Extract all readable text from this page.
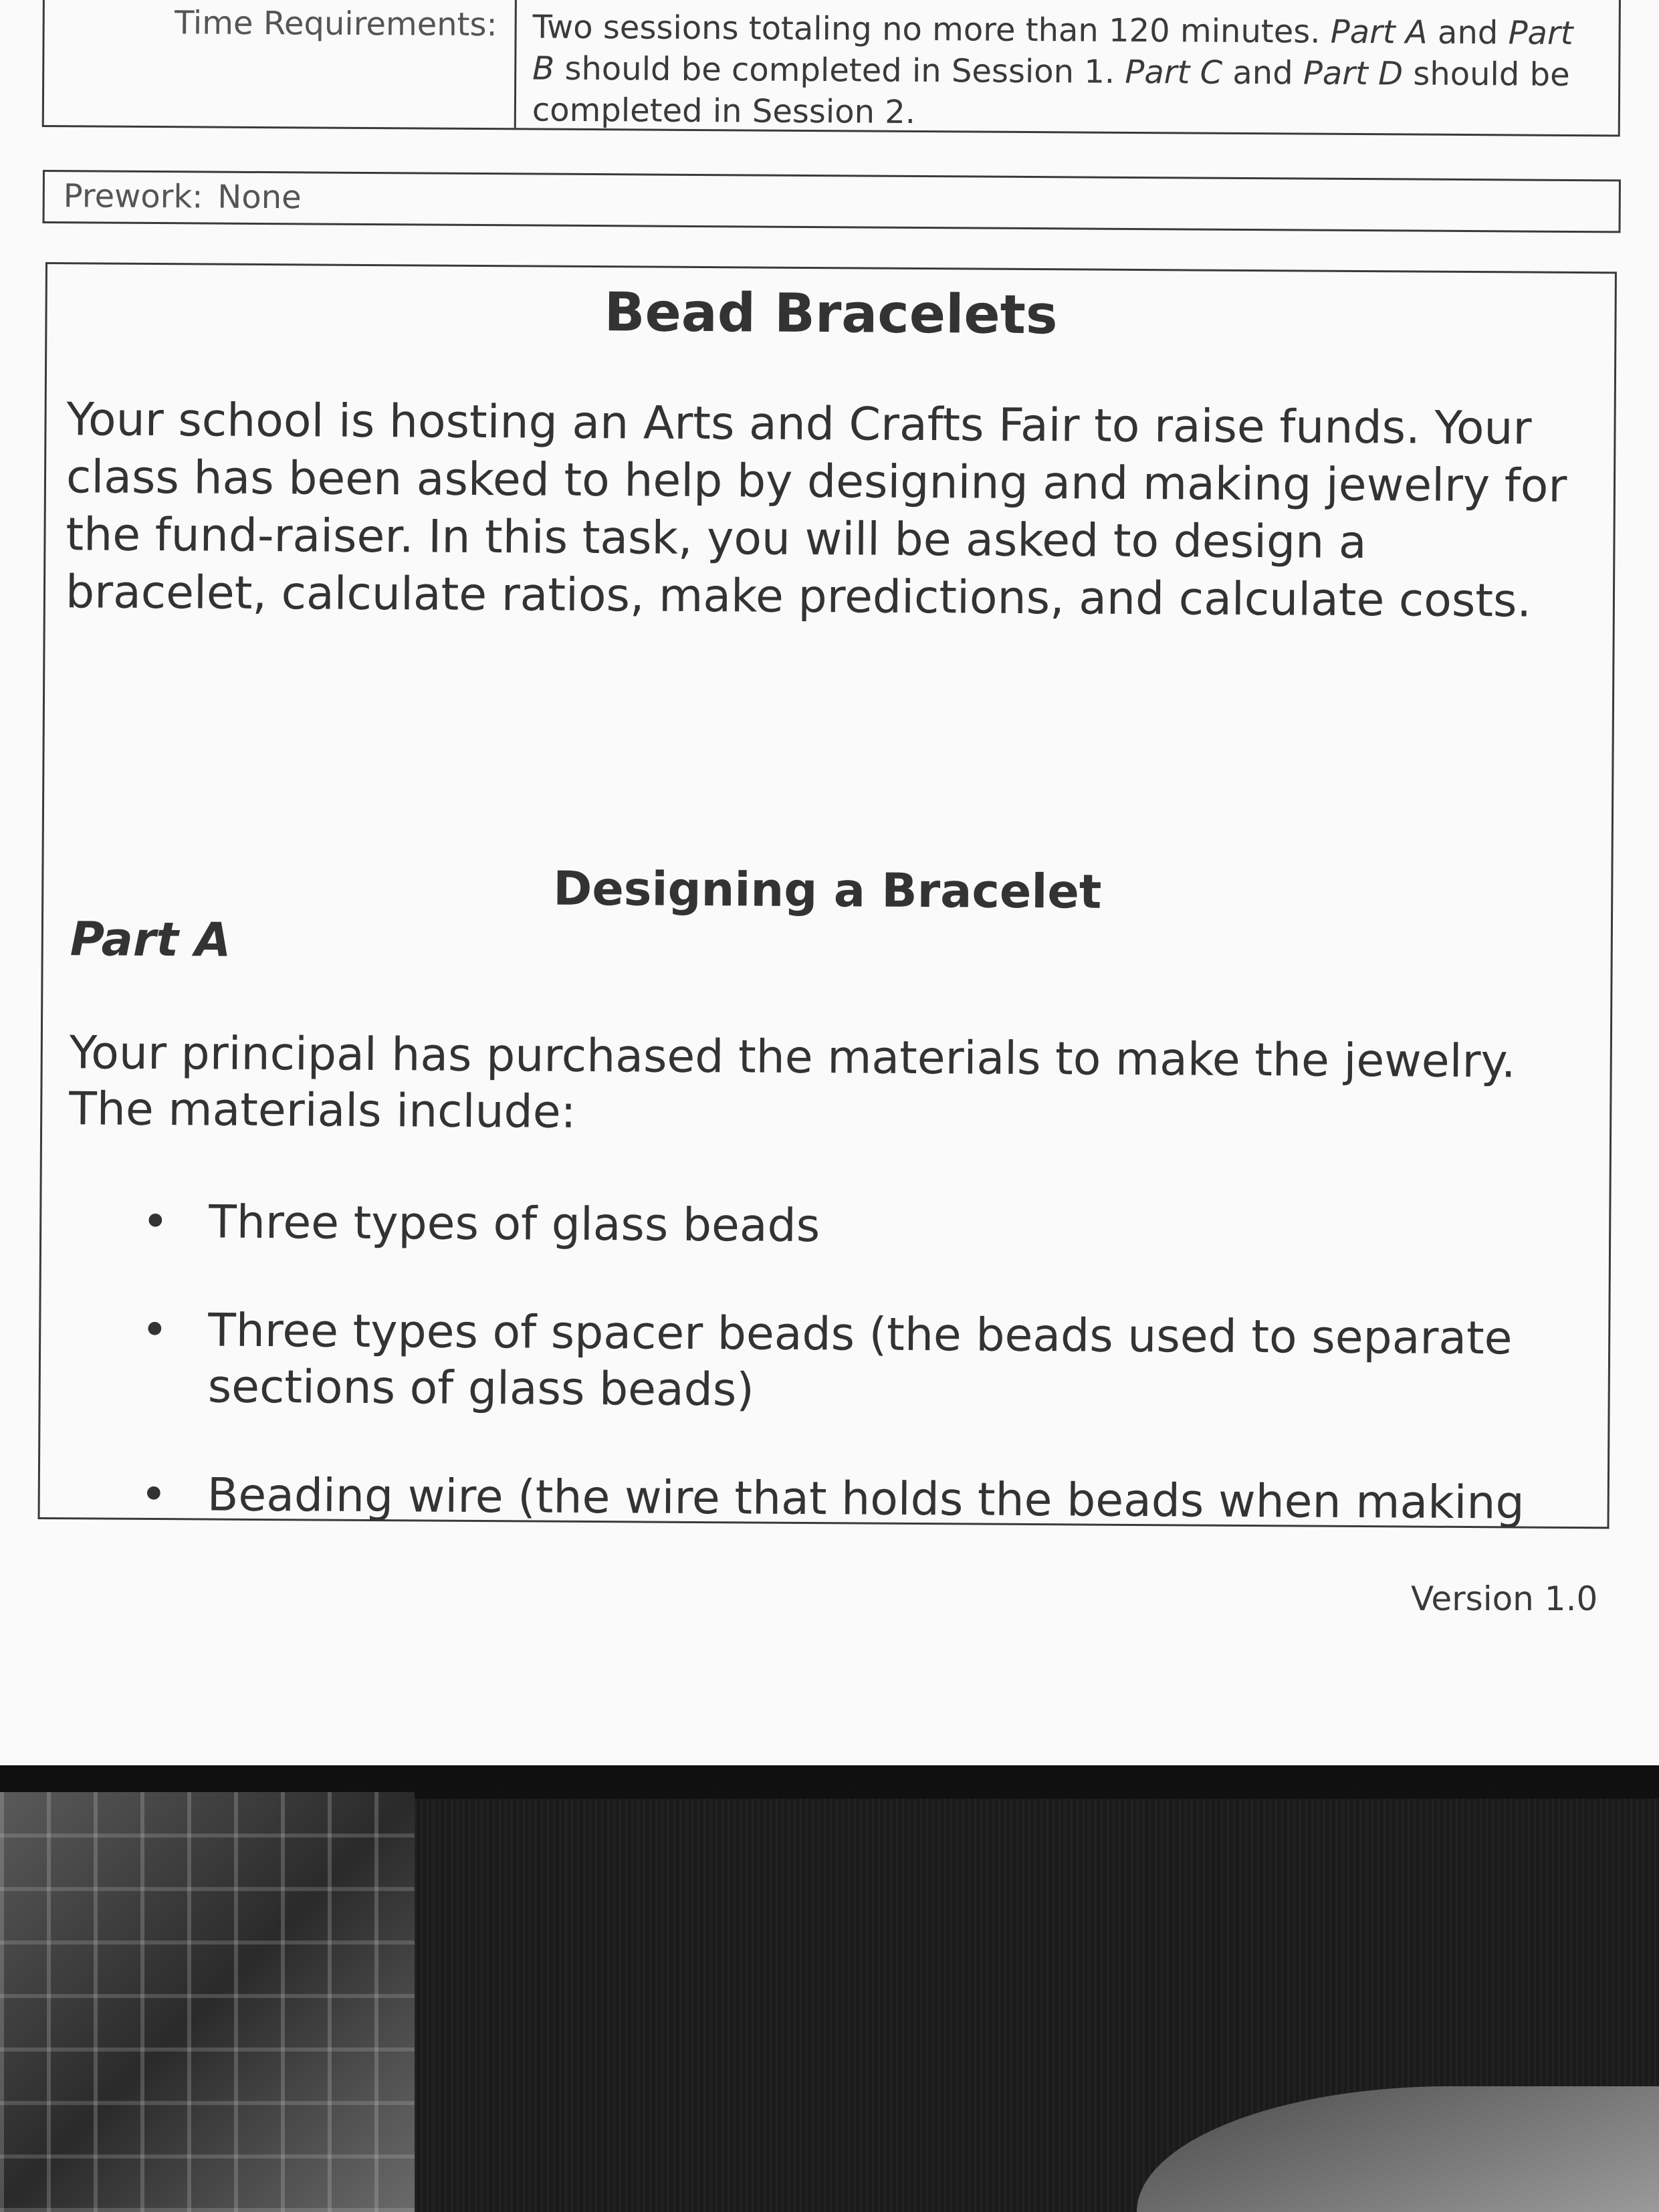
Time Requirements:	Two sessions totaling no more than 120 minutes. Part A and Part B should be completed in Session 1. Part C and Part D should be completed in Session 2.
Prework: None
Bead Bracelets
Your school is hosting an Arts and Crafts Fair to raise funds. Your class has been asked to help by designing and making jewelry for the fund-raiser. In this task, you will be asked to design a bracelet, calculate ratios, make predictions, and calculate costs.
Designing a Bracelet
Part A
Your principal has purchased the materials to make the jewelry. The materials include:
• Three types of glass beads
• Three types of spacer beads (the beads used to separate sections of glass beads)
• Beading wire (the wire that holds the beads when making
Version 1.0
